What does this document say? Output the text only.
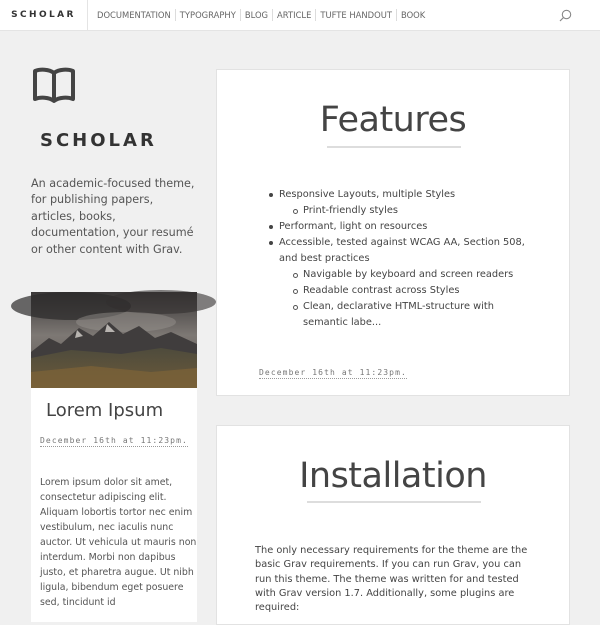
SCHOLAR	DOCUMENTATION	TYPOGRAPHY	BLOG	ARTICLE	TUFTE HANDOUT	BOOK
SCHOLAR

An academic-focused theme, for publishing papers, articles, books, documentation, your resumé or other content with Grav.

Lorem Ipsum
December 16th at 11:23pm.

Lorem ipsum dolor sit amet, consectetur adipiscing elit. Aliquam lobortis tortor nec enim vestibulum, nec iaculis nunc auctor. Ut vehicula ut mauris non interdum. Morbi non dapibus justo, et pharetra augue. Ut nibh ligula, bibendum eget posuere sed, tincidunt id

Features
Responsive Layouts, multiple Styles
Print-friendly styles
Performant, light on resources
Accessible, tested against WCAG AA, Section 508, and best practices
Navigable by keyboard and screen readers
Readable contrast across Styles
Clean, declarative HTML-structure with semantic labe...
December 16th at 11:23pm.
Installation

The only necessary requirements for the theme are the basic Grav requirements. If you can run Grav, you can run this theme. The theme was written for and tested with Grav version 1.7. Additionally, some plugins are required:
